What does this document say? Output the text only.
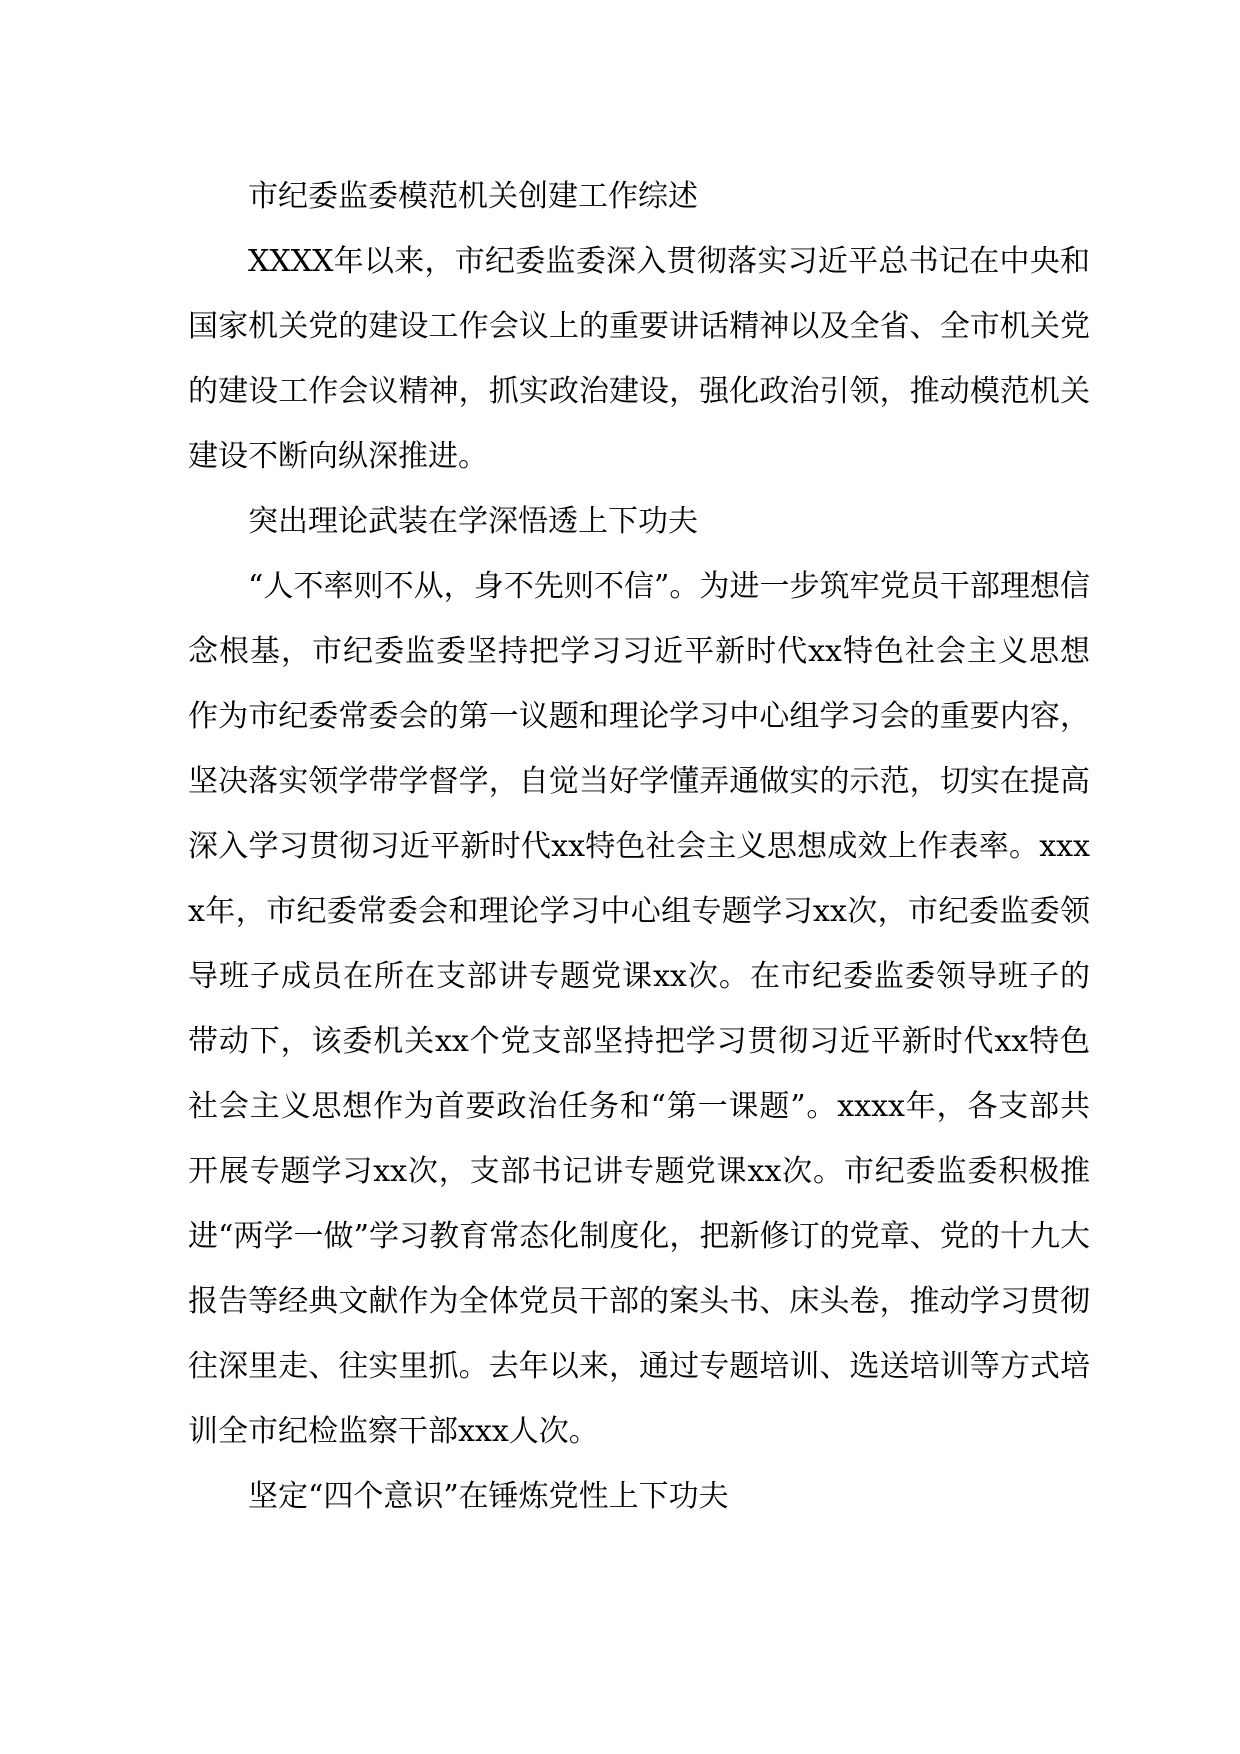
市纪委监委模范机关创建工作综述

XXXX年以来，市纪委监委深入贯彻落实习近平总书记在中央和国家机关党的建设工作会议上的重要讲话精神以及全省、全市机关党的建设工作会议精神，抓实政治建设，强化政治引领，推动模范机关建设不断向纵深推进。

突出理论武装在学深悟透上下功夫

“人不率则不从，身不先则不信”。为进一步筑牢党员干部理想信念根基，市纪委监委坚持把学习习近平新时代xx特色社会主义思想作为市纪委常委会的第一议题和理论学习中心组学习会的重要内容，坚决落实领学带学督学，自觉当好学懂弄通做实的示范，切实在提高深入学习贯彻习近平新时代xx特色社会主义思想成效上作表率。xxxx年，市纪委常委会和理论学习中心组专题学习xx次，市纪委监委领导班子成员在所在支部讲专题党课xx次。在市纪委监委领导班子的带动下，该委机关xx个党支部坚持把学习贯彻习近平新时代xx特色社会主义思想作为首要政治任务和“第一课题”。xxxx年，各支部共开展专题学习xx次，支部书记讲专题党课xx次。市纪委监委积极推进“两学一做”学习教育常态化制度化，把新修订的党章、党的十九大报告等经典文献作为全体党员干部的案头书、床头卷，推动学习贯彻往深里走、往实里抓。去年以来，通过专题培训、选送培训等方式培训全市纪检监察干部xxx人次。

坚定“四个意识”在锤炼党性上下功夫
